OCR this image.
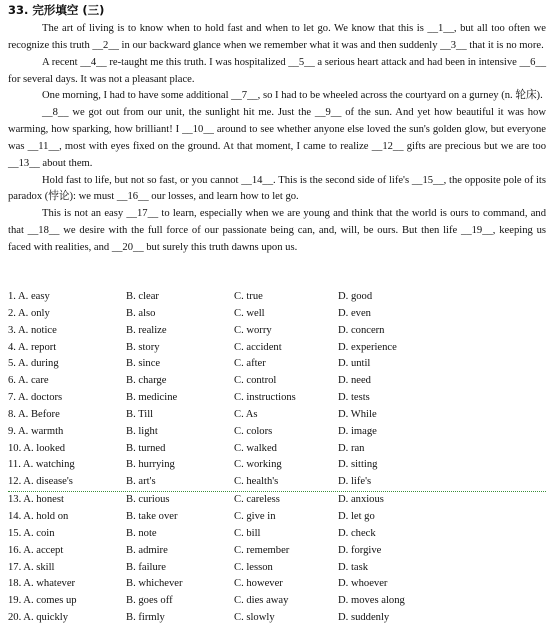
33. 完形填空 (三)

The art of living is to know when to hold fast and when to let go. We know that this is __1__, but all too often we recognize this truth __2__ in our backward glance when we remember what it was and then suddenly __3__ that it is no more.

A recent __4__ re-taught me this truth. I was hospitalized __5__ a serious heart attack and had been in intensive __6__ for several days. It was not a pleasant place.

One morning, I had to have some additional __7__, so I had to be wheeled across the courtyard on a gurney (n. 轮床).

__8__ we got out from our unit, the sunlight hit me. Just the __9__ of the sun. And yet how beautiful it was how warming, how sparking, how brilliant! I __10__ around to see whether anyone else loved the sun's golden glow, but everyone was __11__, most with eyes fixed on the ground. At that moment, I came to realize __12__ gifts are precious but we are too __13__ about them.

Hold fast to life, but not so fast, or you cannot __14__. This is the second side of life's __15__, the opposite pole of its paradox (悖论): we must __16__ our losses, and learn how to let go.

This is not an easy __17__ to learn, especially when we are young and think that the world is ours to command, and that __18__ we desire with the full force of our passionate being can, and, will, be ours. But then life __19__, keeping us faced with realities, and __20__ but surely this truth dawns upon us.

1. A. easy	B. clear	C. true	D. good
2. A. only	B. also	C. well	D. even
3. A. notice	B. realize	C. worry	D. concern
4. A. report	B. story	C. accident	D. experience
5. A. during	B. since	C. after	D. until
6. A. care	B. charge	C. control	D. need
7. A. doctors	B. medicine	C. instructions	D. tests
8. A. Before	B. Till	C. As	D. While
9. A. warmth	B. light	C. colors	D. image
10. A. looked	B. turned	C. walked	D. ran
11. A. watching	B. hurrying	C. working	D. sitting
12. A. disease's	B. art's	C. health's	D. life's
13. A. honest	B. curious	C. careless	D. anxious
14. A. hold on	B. take over	C. give in	D. let go
15. A. coin	B. note	C. bill	D. check
16. A. accept	B. admire	C. remember	D. forgive
17. A. skill	B. failure	C. lesson	D. task
18. A. whatever	B. whichever	C. however	D. whoever
19. A. comes up	B. goes off	C. dies away	D. moves along
20. A. quickly	B. firmly	C. slowly	D. suddenly
